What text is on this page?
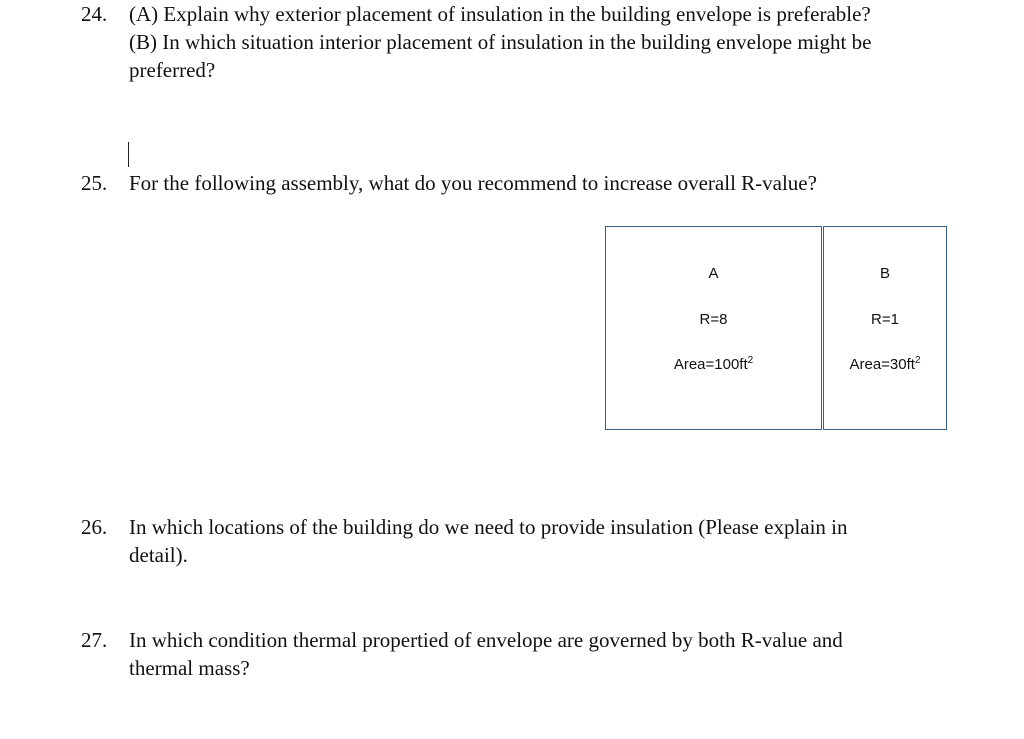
24.	(A) Explain why exterior placement of insulation in the building envelope is preferable?
(B) In which situation interior placement of insulation in the building envelope might be
preferred?
25.	For the following assembly, what do you recommend to increase overall R-value?
A
R=8
$Area=100ft^2$
B
R=1
$Area=30ft^2$
26.	In which locations of the building do we need to provide insulation (Please explain in
detail).
27.	In which condition thermal propertied of envelope are governed by both R-value and
thermal mass?
